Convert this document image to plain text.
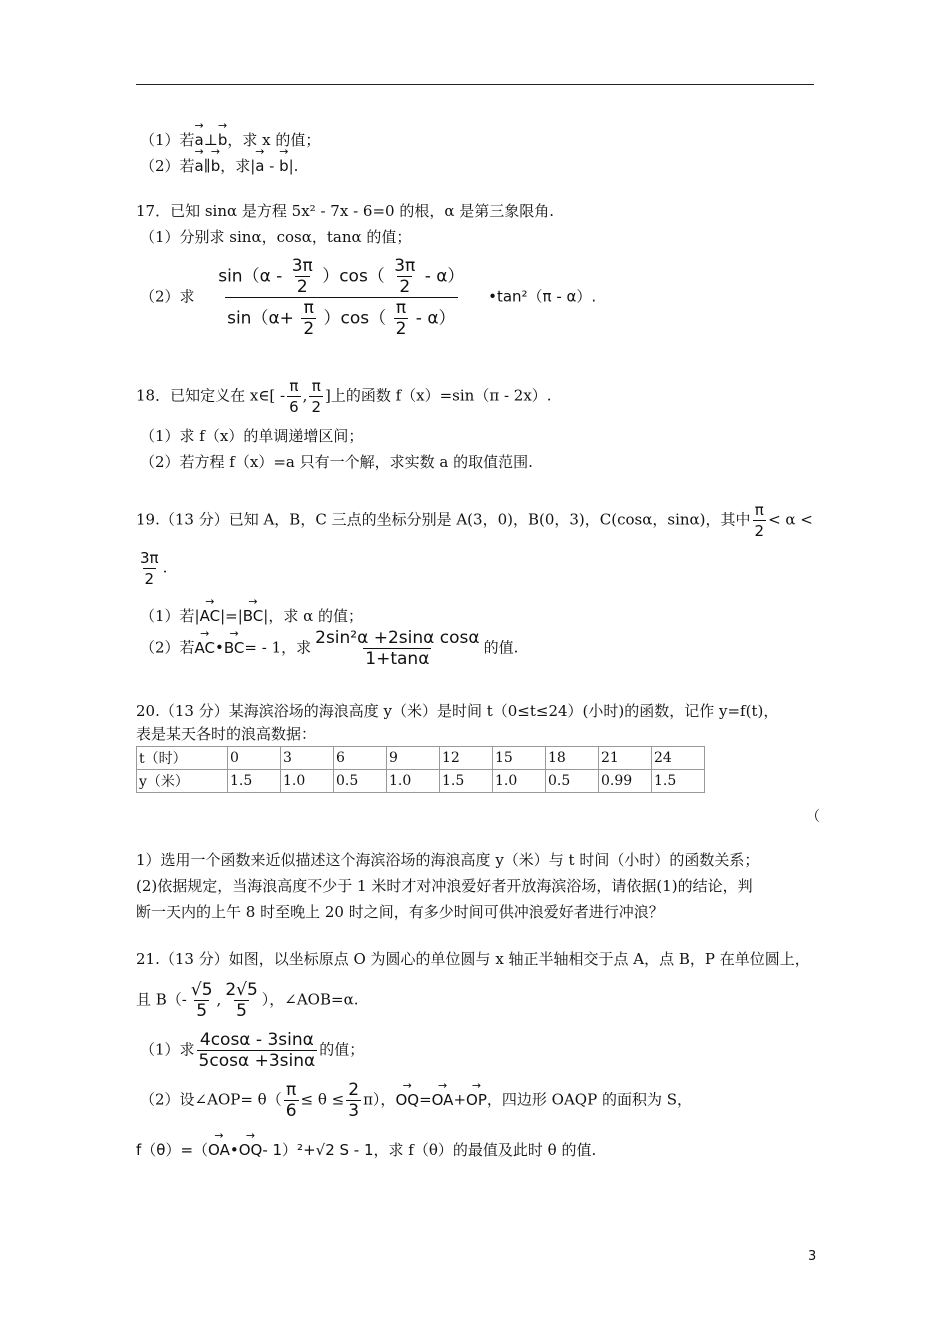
（1）若→ a⊥→ b，求 x 的值；
（2）若→ a∥→ b，求|→ a - → b|.
17．已知 sinα 是方程 5x² - 7x - 6=0 的根，α 是第三象限角.
（1）分别求 sinα，cosα，tanα 的值；
（2）求 $\frac{\sin(\alpha - \frac{3\pi}{2} )\cos( \frac{3\pi}{2} - \alpha)}{\sin(\alpha+ \frac{\pi}{2} )\cos( \frac{\pi}{2} - \alpha)}$ •tan²（π - α）.
18．已知定义在 x∈[ - $\frac{\pi}{6}$ , $\frac{\pi}{2}$ ]上的函数 f（x）=sin（π - 2x）.
（1）求 f（x）的单调递增区间；
（2）若方程 f（x）=a 只有一个解，求实数 a 的取值范围.
19.（13 分）已知 A，B，C 三点的坐标分别是 A(3，0)，B(0，3)，C(cosα，sinα)，其中 $\frac{\pi}{2} < \alpha$ <
$\frac{3\pi}{2}$ .
（1）若|→ AC|=|→ BC|，求 α 的值；
（2）若→ AC•→ BC= - 1，求 $\frac{\text{2sin²α +2sinα cosα}}{1+\tan\alpha}$ 的值.
20.（13 分）某海滨浴场的海浪高度 y（米）是时间 t（0≤t≤24）(小时)的函数，记作 y=f(t)，
表是某天各时的浪高数据：
t（时）	0	3	6	9	12	15	18	21	24
y（米）	1.5	1.0	0.5	1.0	1.5	1.0	0.5	0.99	1.5
（
1）选用一个函数来近似描述这个海滨浴场的海浪高度 y（米）与 t 时间（小时）的函数关系；
(2)依据规定，当海浪高度不少于 1 米时才对冲浪爱好者开放海滨浴场，请依据(1)的结论，判
断一天内的上午 8 时至晚上 20 时之间，有多少时间可供冲浪爱好者进行冲浪？
21.（13 分）如图，以坐标原点 O 为圆心的单位圆与 x 轴正半轴相交于点 A，点 B，P 在单位圆上，
且 $B(- \frac{√5}{5}$ , $\frac{2√5}{5}$ ），∠AOB=α.
（1）求 $\frac{4\cos\alpha - 3\sin\alpha}{5\cos\alpha +3\sin\alpha}$ 的值；
（2）设∠AOP= $\theta( \frac{\pi}{6} \le \theta \le \frac{2}{3} \pi)$，→ OQ=→ OA+→ OP，四边形 OAQP 的面积为 S，
f（θ）=（→ OA•→ OQ- 1）²+√2 S - 1，求 f（θ）的最值及此时 θ 的值.
3
